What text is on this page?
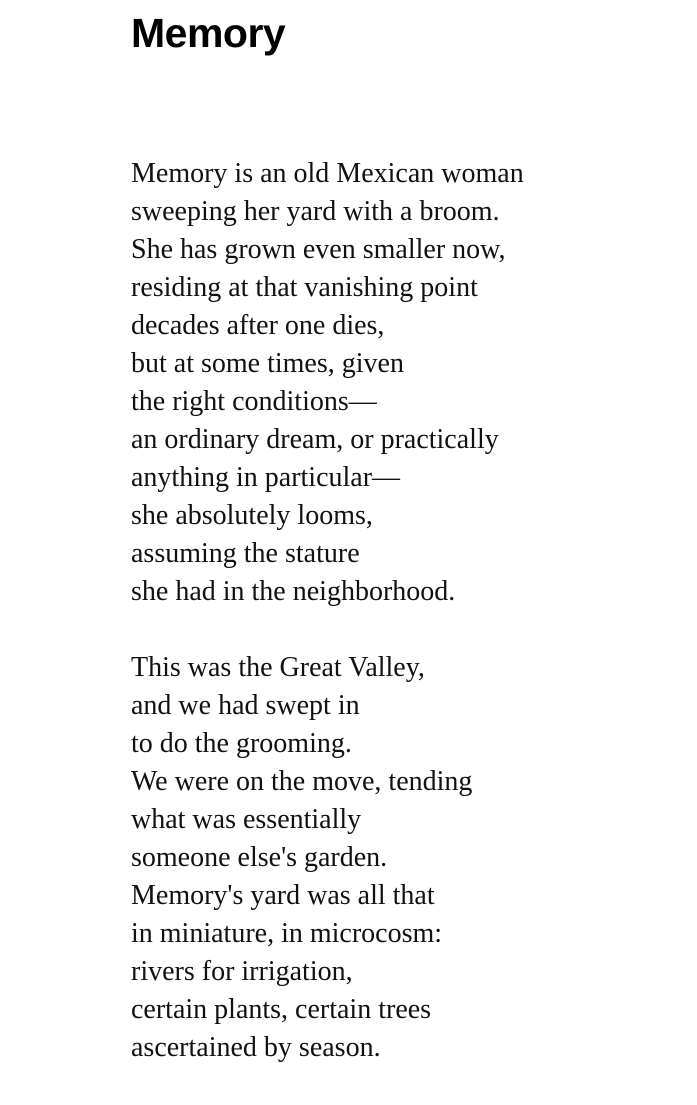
Memory
Memory is an old Mexican woman
sweeping her yard with a broom.
She has grown even smaller now,
residing at that vanishing point
decades after one dies,
but at some times, given
the right conditions—
an ordinary dream, or practically
anything in particular—
she absolutely looms,
assuming the stature
she had in the neighborhood.
This was the Great Valley,
and we had swept in
to do the grooming.
We were on the move, tending
what was essentially
someone else's garden.
Memory's yard was all that
in miniature, in microcosm:
rivers for irrigation,
certain plants, certain trees
ascertained by season.
